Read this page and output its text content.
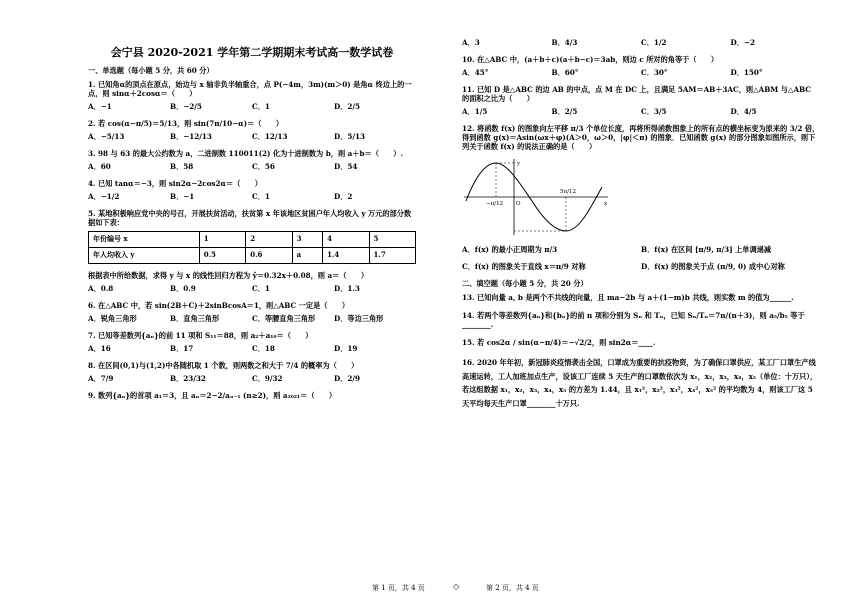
会宁县 2020-2021 学年第二学期期末考试高一数学试卷
一、单选题（每小题 5 分，共 60 分）
1. 已知角α的顶点在原点，始边与 x 轴非负半轴重合，点 P(−4m，3m)(m＞0) 是角α 终边上的一点，则 sinα＋2cosα＝（　　）
A．−1	B．−2/5	C．1	D．2/5
2. 若 cos(α−π/5)＝5/13，则 sin(7π/10−α)＝（　　）
A．−5/13	B．−12/13	C．12/13	D．5/13
3. 98 与 63 的最大公约数为 a，二进制数 110011(2) 化为十进制数为 b，则 a＋b＝（　　）.
A．60	B．58	C．56	D．54
4. 已知 tanα＝−3，则 sin2α−2cos2α＝（　　）
A．−1/2	B．−1	C．1	D．2
5. 某地积极响应党中央的号召，开展扶贫活动，扶贫第 x 年该地区贫困户年人均收入 y 万元的部分数据如下表：
年份编号 x	1	2	3	4	5
年人均收入 y	0.5	0.6	a	1.4	1.7
根据表中所给数据，求得 y 与 x 的线性回归方程为 ŷ＝0.32x＋0.08，则 a＝（　　）
A．0.8	B．0.9	C．1	D．1.3
6. 在△ABC 中，若 sin(2B＋C)＋2sinBcosA＝1，则△ABC 一定是（　　）
A．锐角三角形	B．直角三角形	C．等腰直角三角形	D．等边三角形
7. 已知等差数列{aₙ}的前 11 项和 S₁₁＝88，则 a₂＋a₁₀＝（　　）
A．16	B．17	C．18	D．19
8. 在区间(0,1)与(1,2)中各随机取 1 个数，则两数之和大于 7/4 的概率为（　　）
A．7/9	B．23/32	C．9/32	D．2/9
9. 数列{aₙ}的首项 a₁＝3，且 aₙ＝2−2/aₙ₋₁ (n≥2)，则 a₂₀₂₁＝（　　）
A．3	B．4/3	C．1/2	D．−2
10. 在△ABC 中，(a＋b＋c)(a＋b−c)＝3ab，则边 c 所对的角等于（　　）
A．45°	B．60°	C．30°	D．150°
11. 已知 D 是△ABC 的边 AB 的中点，点 M 在 DC 上，且满足 5AM＝AB＋3AC，则△ABM 与△ABC 的面积之比为（　　）
A．1/5	B．2/5	C．3/5	D．4/5
12. 将函数 f(x) 的图象向左平移 π/3 个单位长度，再将所得函数图象上的所有点的横坐标变为原来的 3/2 倍，得到函数 g(x)＝Asin(ωx＋φ)(A＞0，ω＞0，|φ|＜π) 的图象．已知函数 g(x) 的部分图象如图所示，则下列关于函数 f(x) 的说法正确的是（　　）
−π/12 O
5π/12
y
x
A．f(x) 的最小正周期为 π/3	B．f(x) 在区间 [π/9, π/3] 上单调递减
C．f(x) 的图象关于直线 x＝π/9 对称	D．f(x) 的图象关于点 (π/9, 0) 成中心对称
二、填空题（每小题 5 分，共 20 分）
13. 已知向量 a, b 是两个不共线的向量，且 ma−2b 与 a＋(1−m)b 共线，则实数 m 的值为______.
14. 若两个等差数列{aₙ}和{bₙ}的前 n 项和分别为 Sₙ 和 Tₙ，已知 Sₙ/Tₙ＝7n/(n＋3)，则 a₅/b₅ 等于________.
15. 若 cos2α / sin(α−π/4)＝−√2/2，则 sin2α＝____.
16. 2020 年年初，新冠肺炎疫情袭击全国，口罩成为重要的抗疫物资，为了确保口罩供应，某工厂口罩生产线高速运转，工人加班加点生产，设该工厂连续 5 天生产的口罩数依次为 x₁，x₂，x₃，x₄，x₅（单位：十万只），若这组数据 x₁，x₂，x₃，x₄，x₅ 的方差为 1.44，且 x₁²，x₂²，x₃²，x₄²，x₅² 的平均数为 4，则该工厂这 5 天平均每天生产口罩________十万只.
第 1 页，共 4 页	◇	第 2 页，共 4 页
